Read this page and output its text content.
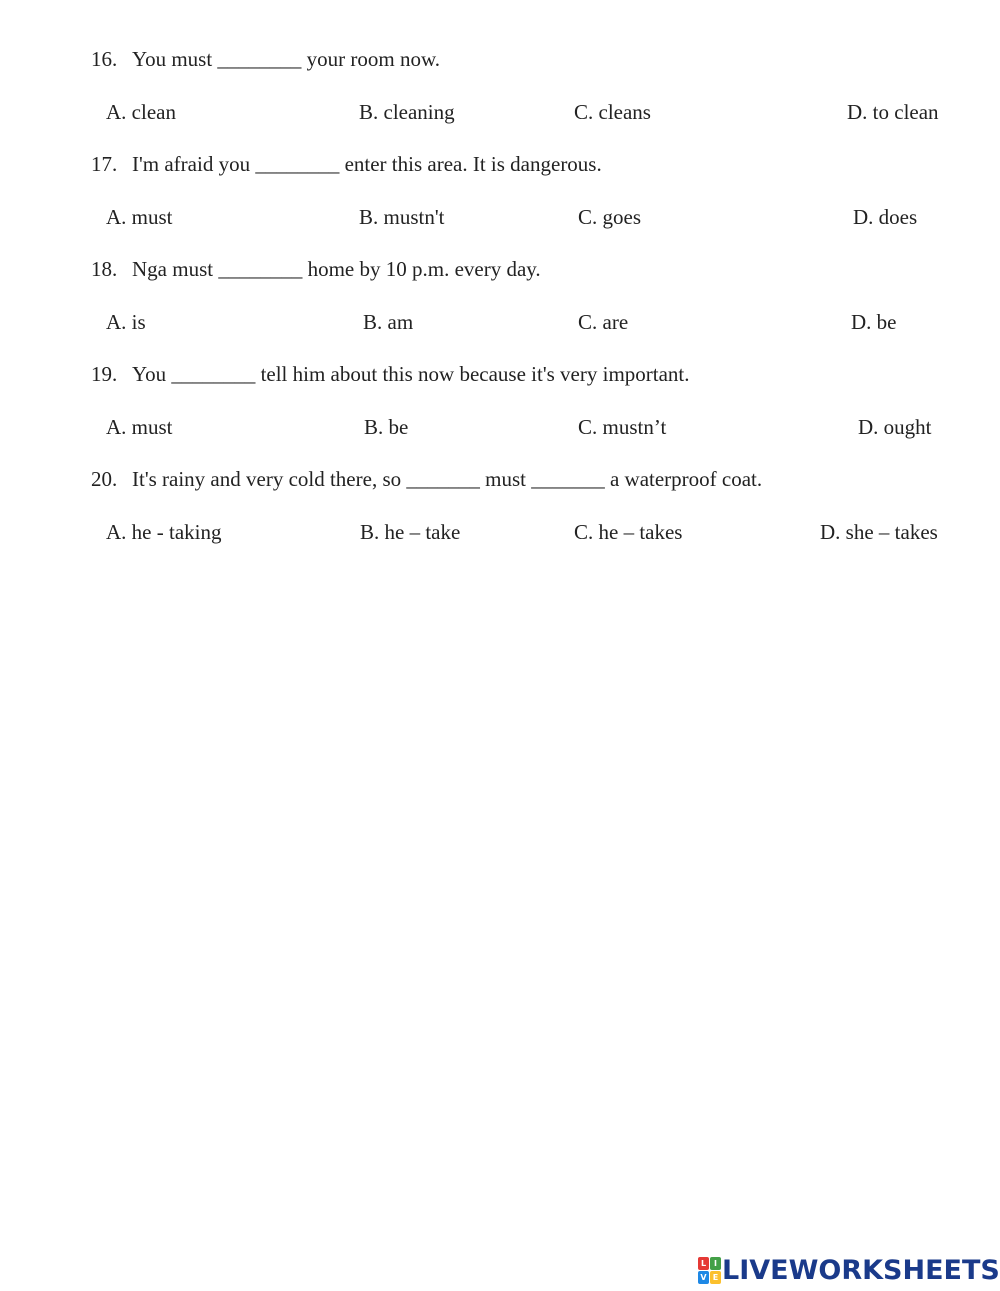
16. You must ________ your room now.
A. clean	B. cleaning	C. cleans	D. to clean
17. I'm afraid you ________ enter this area. It is dangerous.
A. must	B. mustn't	C. goes	D. does
18. Nga must ________ home by 10 p.m. every day.
A. is	B. am	C. are	D. be
19. You ________ tell him about this now because it's very important.
A. must	B. be	C. mustn’t	D. ought
20. It's rainy and very cold there, so _______ must _______ a waterproof coat.
A. he - taking	B. he – take	C. he – takes	D. she – takes
L I
V E LIVEWORKSHEETS
